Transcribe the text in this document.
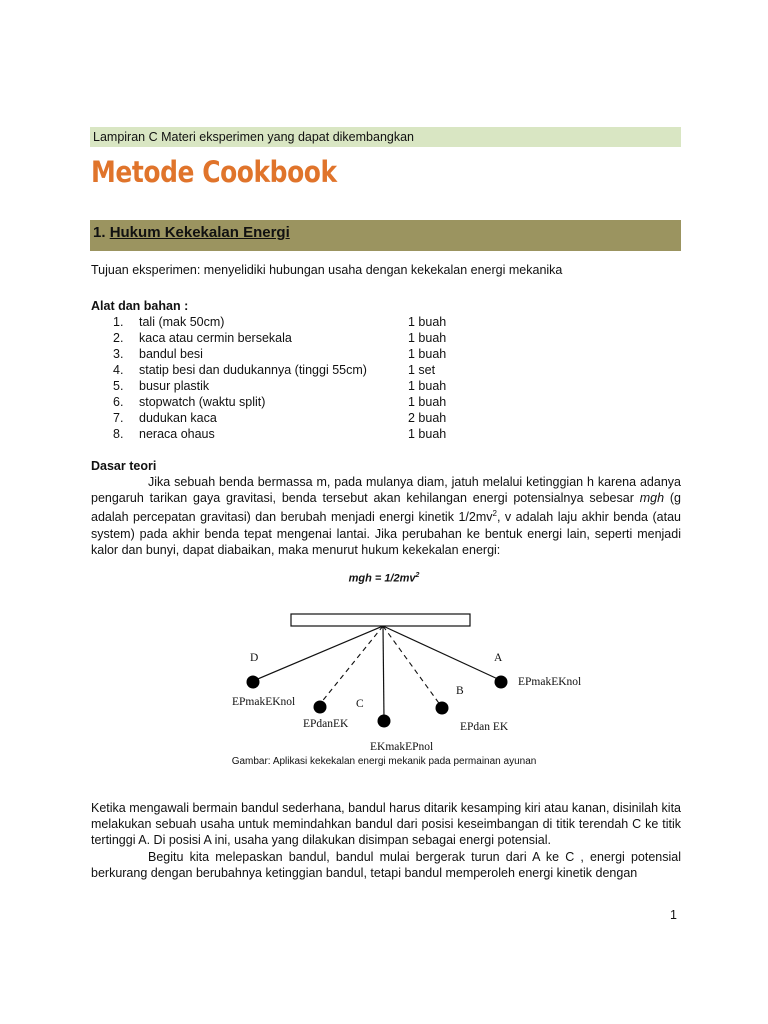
Lampiran C Materi eksperimen yang dapat dikembangkan
Metode Cookbook
1. Hukum Kekekalan Energi
Tujuan eksperimen: menyelidiki hubungan usaha dengan kekekalan energi mekanika
Alat dan bahan :
1. tali (mak 50cm)	1 buah
2. kaca atau cermin bersekala	1 buah
3. bandul besi	1 buah
4. statip besi dan dudukannya (tinggi 55cm)	1 set
5. busur plastik	1 buah
6. stopwatch (waktu split)	1 buah
7. dudukan kaca	2 buah
8. neraca ohaus	1 buah
Dasar teori
Jika sebuah benda bermassa m, pada mulanya diam, jatuh melalui ketinggian h karena adanya pengaruh tarikan gaya gravitasi, benda tersebut akan kehilangan energi potensialnya sebesar mgh (g adalah percepatan gravitasi) dan berubah menjadi energi kinetik $1/2mv^2$, v adalah laju akhir benda (atau system) pada akhir benda tepat mengenai lantai. Jika perubahan ke bentuk energi lain, seperti menjadi kalor dan bunyi, dapat diabaikan, maka menurut hukum kekekalan energi:
mgh = $1/2mv^2$
D	A
B
C
EPmakEKnol
EPmakEKnol
EPdanEK	EPdan EK
EKmakEPnol
Gambar: Aplikasi kekekalan energi mekanik pada permainan ayunan
Ketika mengawali bermain bandul sederhana, bandul harus ditarik kesamping kiri atau kanan, disinilah kita melakukan sebuah usaha untuk memindahkan bandul dari posisi keseimbangan di titik terendah C ke titik tertinggi A. Di posisi A ini, usaha yang dilakukan disimpan sebagai energi potensial.
Begitu kita melepaskan bandul, bandul mulai bergerak turun dari A ke C , energi potensial berkurang dengan berubahnya ketinggian bandul, tetapi bandul memperoleh energi kinetik dengan
1
